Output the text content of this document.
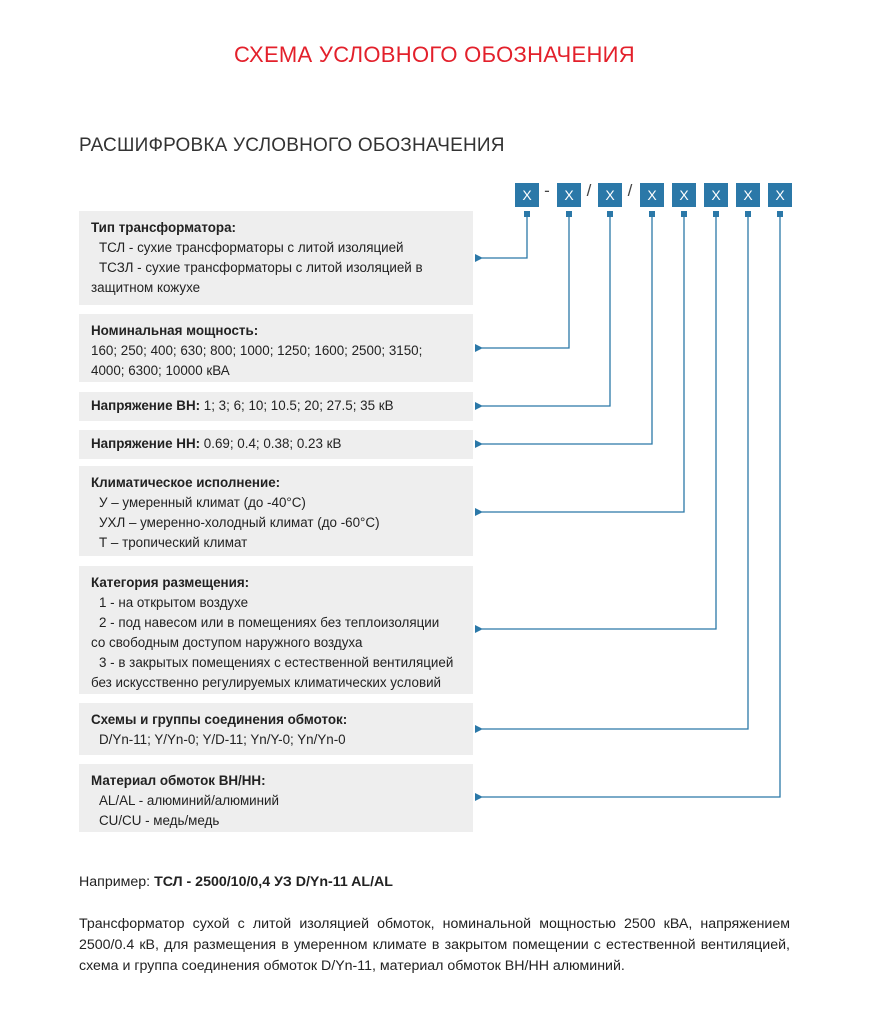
СХЕМА УСЛОВНОГО ОБОЗНАЧЕНИЯ
РАСШИФРОВКА УСЛОВНОГО ОБОЗНАЧЕНИЯ
X -	X / X /	X	X	X	X	X
Тип трансформатора:
ТСЛ - сухие трансформаторы с литой изоляцией
ТСЗЛ - сухие трансформаторы с литой изоляцией в
защитном кожухе
Номинальная мощность:
160; 250; 400; 630; 800; 1000; 1250; 1600; 2500; 3150;
4000; 6300; 10000 кВА
Напряжение ВН: 1; 3; 6; 10; 10.5; 20; 27.5; 35 кВ
Напряжение НН: 0.69; 0.4; 0.38; 0.23 кВ
Климатическое исполнение:
У – умеренный климат (до -40°С)
УХЛ – умеренно-холодный климат (до -60°С)
Т – тропический климат
Категория размещения:
1 - на открытом воздухе
2 - под навесом или в помещениях без теплоизоляции
со свободным доступом наружного воздуха
3 - в закрытых помещениях с естественной вентиляцией
без искусственно регулируемых климатических условий
Схемы и группы соединения обмоток:
D/Yn-11; Y/Yn-0; Y/D-11; Yn/Y-0; Yn/Yn-0
Материал обмоток ВН/НН:
AL/AL - алюминий/алюминий
CU/CU - медь/медь
Например: ТСЛ - 2500/10/0,4 УЗ D/Yn-11 AL/AL
Трансформатор сухой с литой изоляцией обмоток, номинальной мощностью 2500 кВА, напряжением 2500/0.4 кВ, для размещения в умеренном климате в закрытом помещении с естественной вентиляцией, схема и группа соединения обмоток D/Yn-11, материал обмоток ВН/НН алюминий.
